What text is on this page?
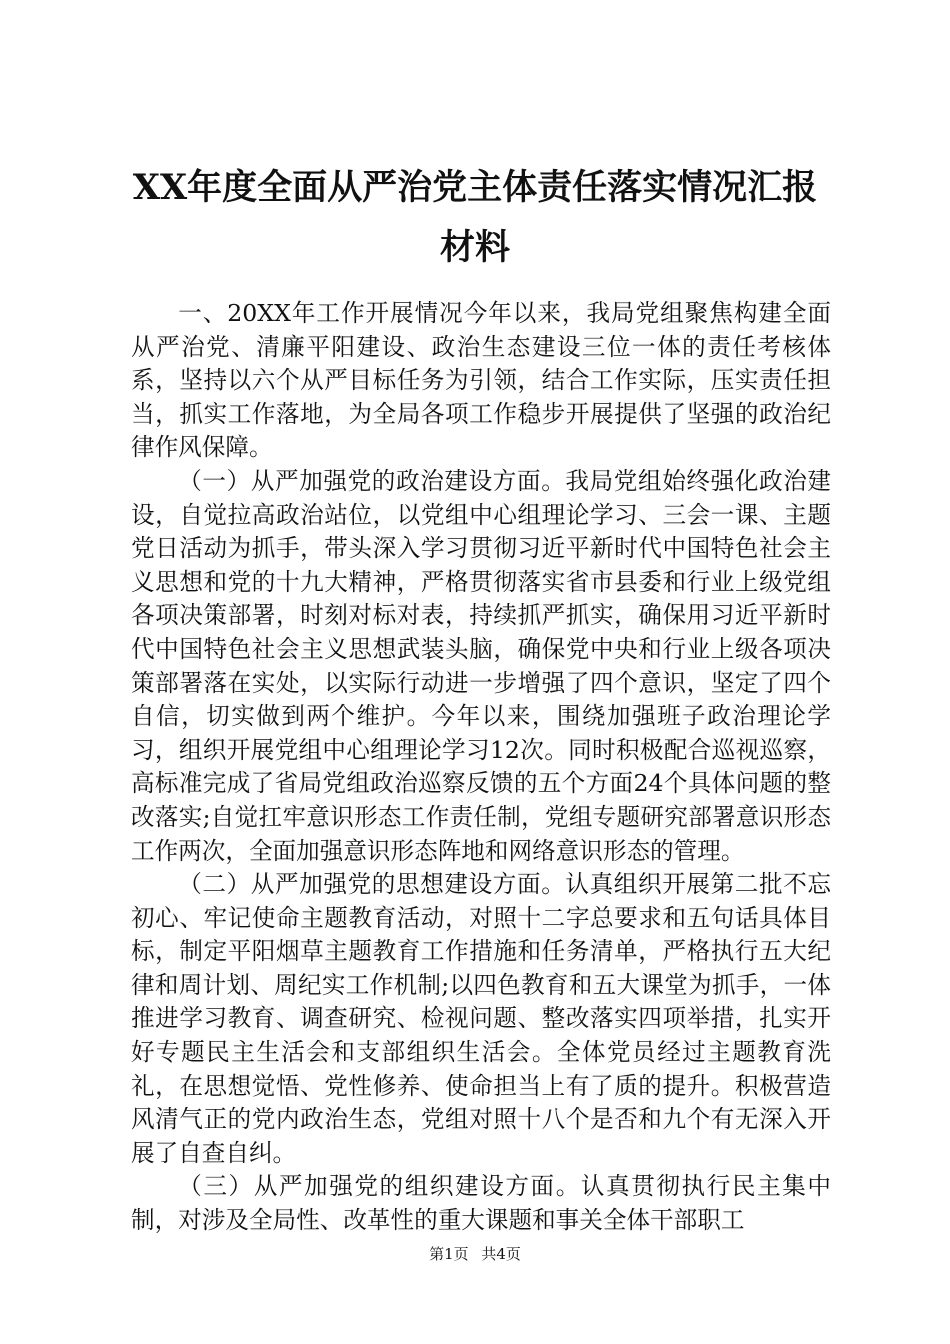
XX年度全面从严治党主体责任落实情况汇报材料

一、20XX年工作开展情况今年以来，我局党组聚焦构建全面从严治党、清廉平阳建设、政治生态建设三位一体的责任考核体系，坚持以六个从严目标任务为引领，结合工作实际，压实责任担当，抓实工作落地，为全局各项工作稳步开展提供了坚强的政治纪律作风保障。

（一）从严加强党的政治建设方面。我局党组始终强化政治建设，自觉拉高政治站位，以党组中心组理论学习、三会一课、主题党日活动为抓手，带头深入学习贯彻习近平新时代中国特色社会主义思想和党的十九大精神，严格贯彻落实省市县委和行业上级党组各项决策部署，时刻对标对表，持续抓严抓实，确保用习近平新时代中国特色社会主义思想武装头脑，确保党中央和行业上级各项决策部署落在实处，以实际行动进一步增强了四个意识，坚定了四个自信，切实做到两个维护。今年以来，围绕加强班子政治理论学习，组织开展党组中心组理论学习12次。同时积极配合巡视巡察，高标准完成了省局党组政治巡察反馈的五个方面24个具体问题的整改落实;自觉扛牢意识形态工作责任制，党组专题研究部署意识形态工作两次，全面加强意识形态阵地和网络意识形态的管理。

（二）从严加强党的思想建设方面。认真组织开展第二批不忘初心、牢记使命主题教育活动，对照十二字总要求和五句话具体目标，制定平阳烟草主题教育工作措施和任务清单，严格执行五大纪律和周计划、周纪实工作机制;以四色教育和五大课堂为抓手，一体推进学习教育、调查研究、检视问题、整改落实四项举措，扎实开好专题民主生活会和支部组织生活会。全体党员经过主题教育洗礼，在思想觉悟、党性修养、使命担当上有了质的提升。积极营造风清气正的党内政治生态，党组对照十八个是否和九个有无深入开展了自查自纠。

（三）从严加强党的组织建设方面。认真贯彻执行民主集中制，对涉及全局性、改革性的重大课题和事关全体干部职工

第1页 共4页
